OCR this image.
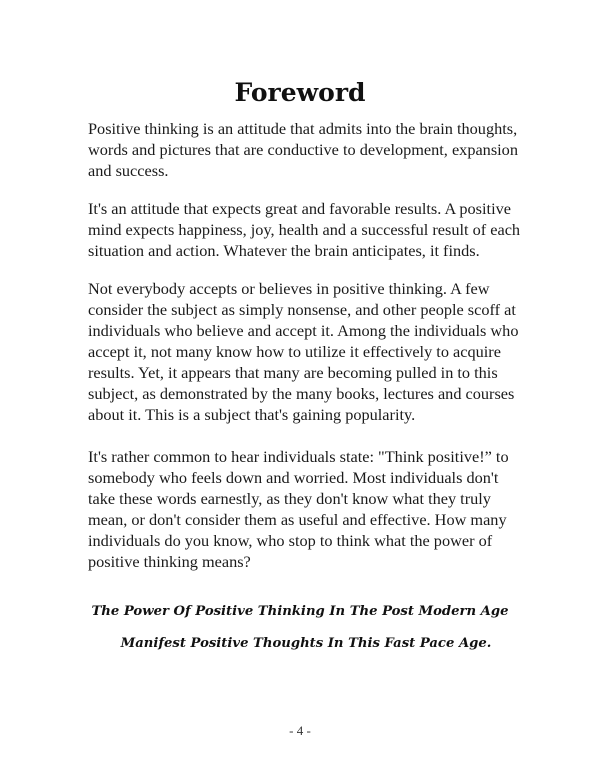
Foreword

Positive thinking is an attitude that admits into the brain thoughts, words and pictures that are conductive to development, expansion and success.

It's an attitude that expects great and favorable results. A positive mind expects happiness, joy, health and a successful result of each situation and action. Whatever the brain anticipates, it finds.

Not everybody accepts or believes in positive thinking. A few consider the subject as simply nonsense, and other people scoff at individuals who believe and accept it. Among the individuals who accept it, not many know how to utilize it effectively to acquire results. Yet, it appears that many are becoming pulled in to this subject, as demonstrated by the many books, lectures and courses about it. This is a subject that's gaining popularity.

It's rather common to hear individuals state: "Think positive!” to somebody who feels down and worried. Most individuals don't take these words earnestly, as they don't know what they truly mean, or don't consider them as useful and effective. How many individuals do you know, who stop to think what the power of positive thinking means?

The Power Of Positive Thinking In The Post Modern Age

Manifest Positive Thoughts In This Fast Pace Age.

- 4 -
